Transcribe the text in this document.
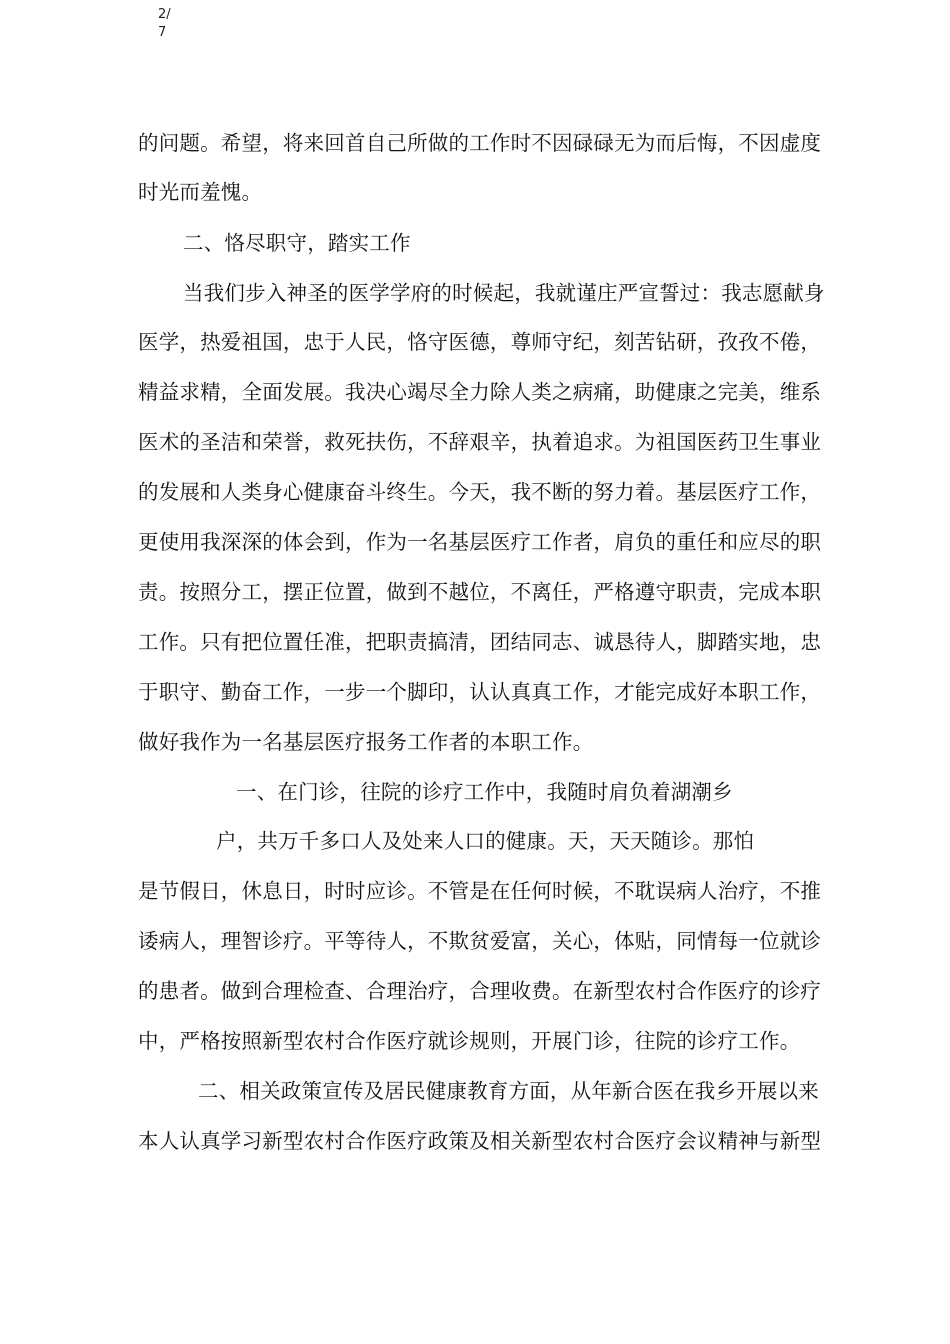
2/
7
的问题。希望，将来回首自己所做的工作时不因碌碌无为而后悔，不因虚度
时光而羞愧。
二、恪尽职守，踏实工作
当我们步入神圣的医学学府的时候起，我就谨庄严宣誓过：我志愿献身
医学，热爱祖国，忠于人民，恪守医德，尊师守纪，刻苦钻研，孜孜不倦，
精益求精，全面发展。我决心竭尽全力除人类之病痛，助健康之完美，维系
医术的圣洁和荣誉，救死扶伤，不辞艰辛，执着追求。为祖国医药卫生事业
的发展和人类身心健康奋斗终生。今天，我不断的努力着。基层医疗工作，
更使用我深深的体会到，作为一名基层医疗工作者，肩负的重任和应尽的职
责。按照分工，摆正位置，做到不越位，不离任，严格遵守职责，完成本职
工作。只有把位置任准，把职责搞清，团结同志、诚恳待人，脚踏实地，忠
于职守、勤奋工作，一步一个脚印，认认真真工作，才能完成好本职工作，
做好我作为一名基层医疗报务工作者的本职工作。
一、在门诊，往院的诊疗工作中，我随时肩负着湖潮乡
户，共万千多口人及处来人口的健康。天，天天随诊。那怕
是节假日，休息日，时时应诊。不管是在任何时候，不耽误病人治疗，不推
诿病人，理智诊疗。平等待人，不欺贫爱富，关心，体贴，同情每一位就诊
的患者。做到合理检查、合理治疗，合理收费。在新型农村合作医疗的诊疗
中，严格按照新型农村合作医疗就诊规则，开展门诊，往院的诊疗工作。
二、相关政策宣传及居民健康教育方面，从年新合医在我乡开展以来
本人认真学习新型农村合作医疗政策及相关新型农村合医疗会议精神与新型
